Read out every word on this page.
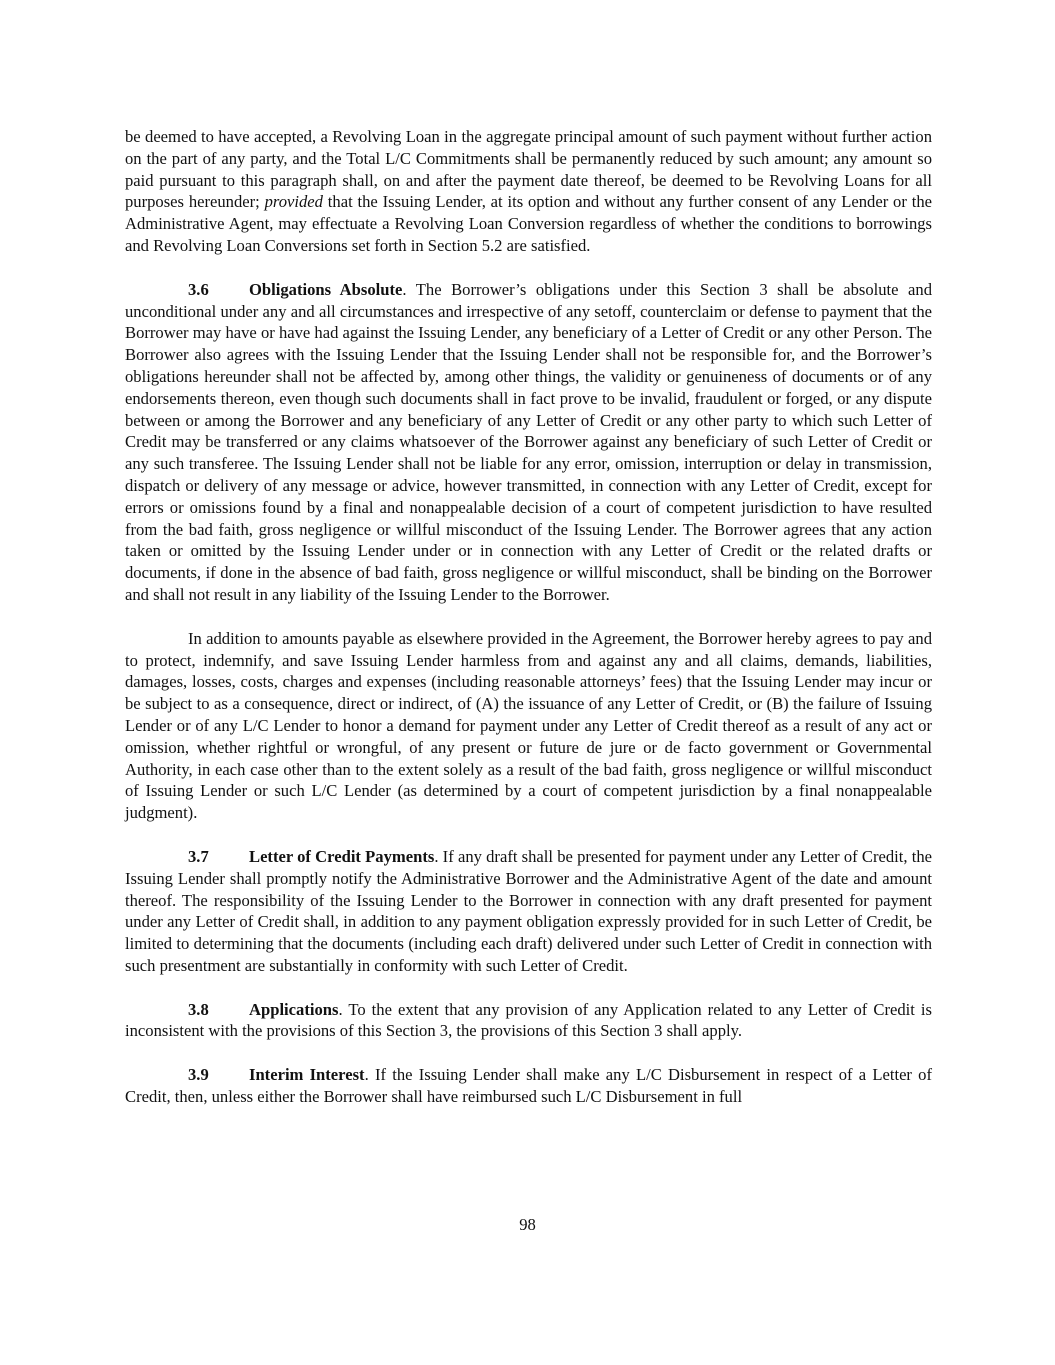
be deemed to have accepted, a Revolving Loan in the aggregate principal amount of such payment without further action on the part of any party, and the Total L/C Commitments shall be permanently reduced by such amount; any amount so paid pursuant to this paragraph shall, on and after the payment date thereof, be deemed to be Revolving Loans for all purposes hereunder; provided that the Issuing Lender, at its option and without any further consent of any Lender or the Administrative Agent, may effectuate a Revolving Loan Conversion regardless of whether the conditions to borrowings and Revolving Loan Conversions set forth in Section 5.2 are satisfied.

3.6 Obligations Absolute. The Borrower’s obligations under this Section 3 shall be absolute and unconditional under any and all circumstances and irrespective of any setoff, counterclaim or defense to payment that the Borrower may have or have had against the Issuing Lender, any beneficiary of a Letter of Credit or any other Person. The Borrower also agrees with the Issuing Lender that the Issuing Lender shall not be responsible for, and the Borrower’s obligations hereunder shall not be affected by, among other things, the validity or genuineness of documents or of any endorsements thereon, even though such documents shall in fact prove to be invalid, fraudulent or forged, or any dispute between or among the Borrower and any beneficiary of any Letter of Credit or any other party to which such Letter of Credit may be transferred or any claims whatsoever of the Borrower against any beneficiary of such Letter of Credit or any such transferee. The Issuing Lender shall not be liable for any error, omission, interruption or delay in transmission, dispatch or delivery of any message or advice, however transmitted, in connection with any Letter of Credit, except for errors or omissions found by a final and nonappealable decision of a court of competent jurisdiction to have resulted from the bad faith, gross negligence or willful misconduct of the Issuing Lender. The Borrower agrees that any action taken or omitted by the Issuing Lender under or in connection with any Letter of Credit or the related drafts or documents, if done in the absence of bad faith, gross negligence or willful misconduct, shall be binding on the Borrower and shall not result in any liability of the Issuing Lender to the Borrower.

In addition to amounts payable as elsewhere provided in the Agreement, the Borrower hereby agrees to pay and to protect, indemnify, and save Issuing Lender harmless from and against any and all claims, demands, liabilities, damages, losses, costs, charges and expenses (including reasonable attorneys’ fees) that the Issuing Lender may incur or be subject to as a consequence, direct or indirect, of (A) the issuance of any Letter of Credit, or (B) the failure of Issuing Lender or of any L/C Lender to honor a demand for payment under any Letter of Credit thereof as a result of any act or omission, whether rightful or wrongful, of any present or future de jure or de facto government or Governmental Authority, in each case other than to the extent solely as a result of the bad faith, gross negligence or willful misconduct of Issuing Lender or such L/C Lender (as determined by a court of competent jurisdiction by a final nonappealable judgment).

3.7 Letter of Credit Payments. If any draft shall be presented for payment under any Letter of Credit, the Issuing Lender shall promptly notify the Administrative Borrower and the Administrative Agent of the date and amount thereof. The responsibility of the Issuing Lender to the Borrower in connection with any draft presented for payment under any Letter of Credit shall, in addition to any payment obligation expressly provided for in such Letter of Credit, be limited to determining that the documents (including each draft) delivered under such Letter of Credit in connection with such presentment are substantially in conformity with such Letter of Credit.

3.8 Applications. To the extent that any provision of any Application related to any Letter of Credit is inconsistent with the provisions of this Section 3, the provisions of this Section 3 shall apply.

3.9 Interim Interest. If the Issuing Lender shall make any L/C Disbursement in respect of a Letter of Credit, then, unless either the Borrower shall have reimbursed such L/C Disbursement in full

98
